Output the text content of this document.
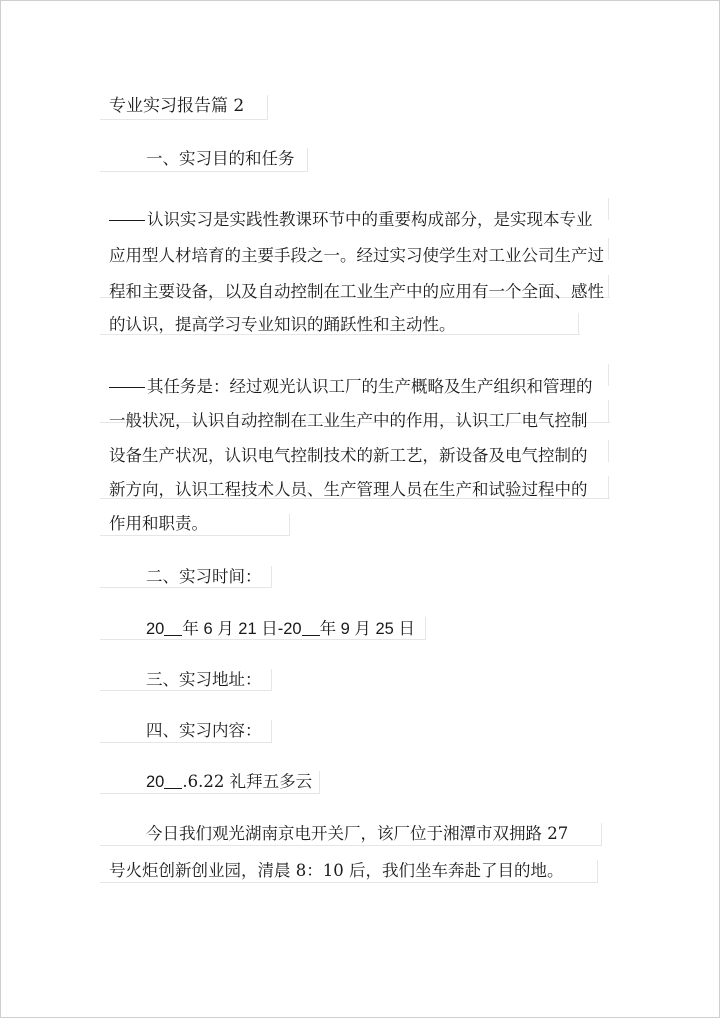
专业实习报告篇 2
一、实习目的和任务
认识实习是实践性教课环节中的重要构成部分，是实现本专业
应用型人材培育的主要手段之一。经过实习使学生对工业公司生产过
程和主要设备，以及自动控制在工业生产中的应用有一个全面、感性
的认识，提高学习专业知识的踊跃性和主动性。
其任务是：经过观光认识工厂的生产概略及生产组织和管理的
一般状况，认识自动控制在工业生产中的作用，认识工厂电气控制
设备生产状况，认识电气控制技术的新工艺，新设备及电气控制的
新方向，认识工程技术人员、生产管理人员在生产和试验过程中的
作用和职责。
二、实习时间：
20 年 6 月 21 日-20 年 9 月 25 日
三、实习地址：
四、实习内容：
20 .6.22 礼拜五多云
今日我们观光湖南京电开关厂，该厂位于湘潭市双拥路 27
号火炬创新创业园，清晨 8：10 后，我们坐车奔赴了目的地。
